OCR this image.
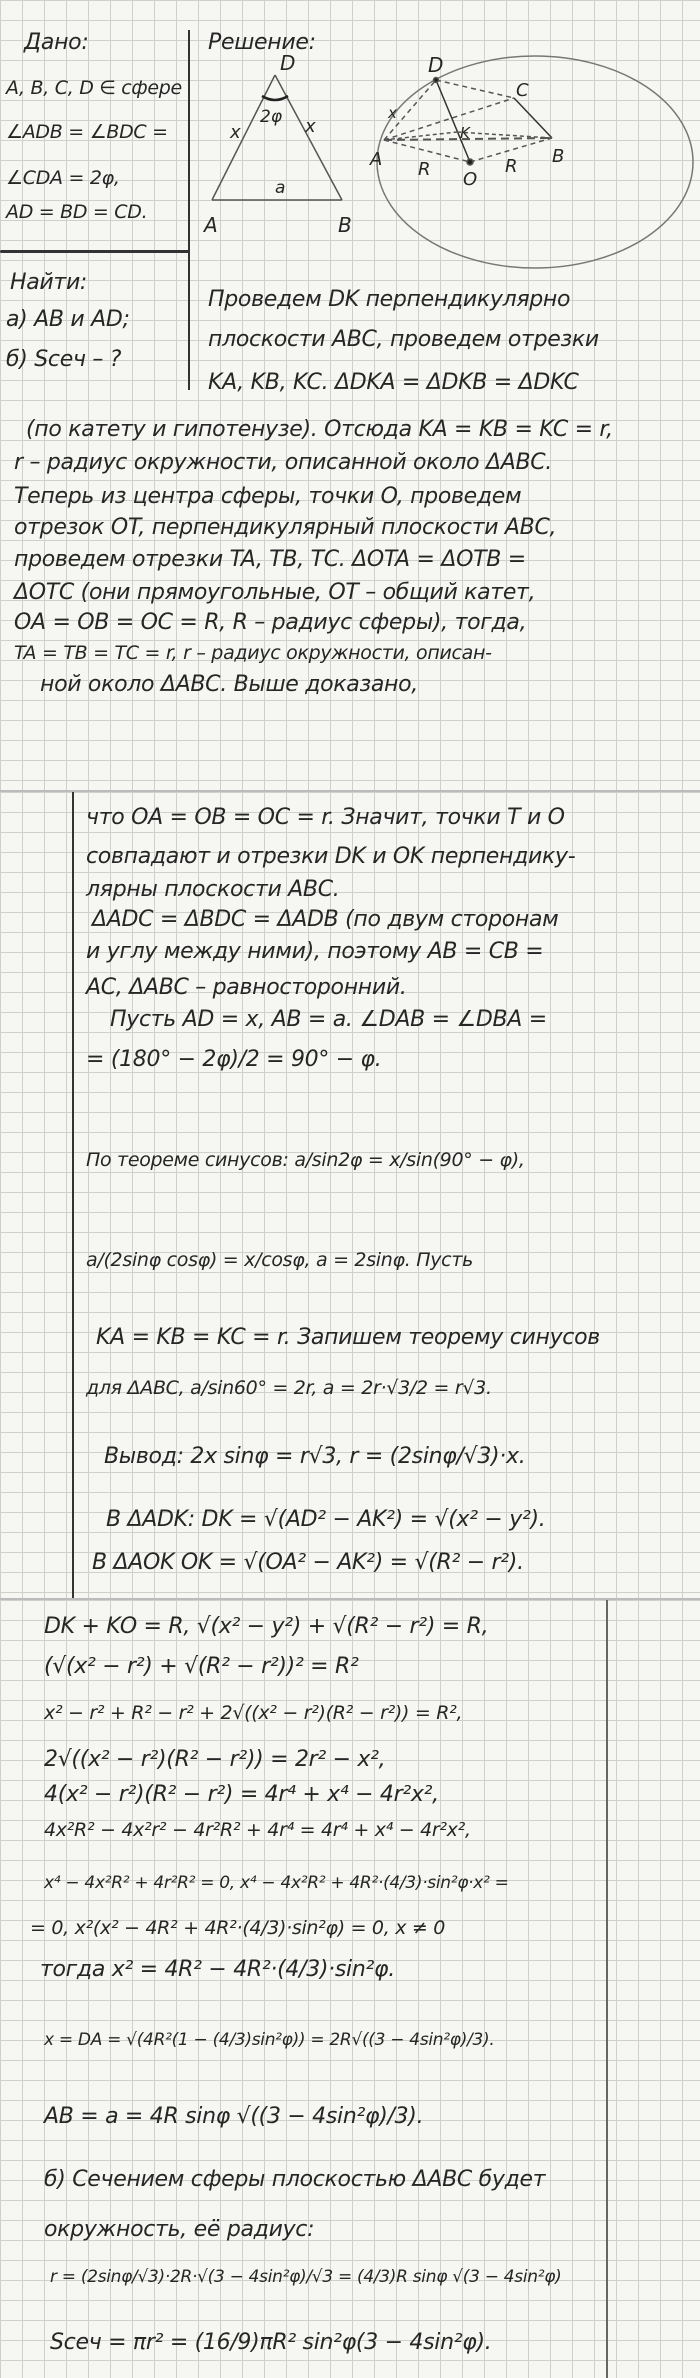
Дано:
A, B, C, D ∈ сфере
∠ADB = ∠BDC =
∠CDA = 2φ,
AD = BD = CD.
Найти:
а) AB и AD;
б) Sсеч – ?
Решение:
D
A	B
x	x
2φ
a
D
C
A	B
K
O
R	R
x
Проведем DK перпендикулярно
плоскости ABC, проведем отрезки
KA, KB, KC. ΔDKA = ΔDKB = ΔDKC
(по катету и гипотенузе). Отсюда KA = KB = KC = r,
r – радиус окружности, описанной около ΔABC.
Теперь из центра сферы, точки O, проведем
отрезок OT, перпендикулярный плоскости ABC,
проведем отрезки TA, TB, TC. ΔOTA = ΔOTB =
ΔOTC (они прямоугольные, OT – общий катет,
OA = OB = OC = R, R – радиус сферы), тогда,
TA = TB = TC = r, r – радиус окружности, описан-
ной около ΔABC. Выше доказано,
что OA = OB = OC = r. Значит, точки T и O
совпадают и отрезки DK и OK перпендику-
лярны плоскости ABC.
ΔADC = ΔBDC = ΔADB (по двум сторонам
и углу между ними), поэтому AB = CB =
AC, ΔABC – равносторонний.
Пусть AD = x, AB = a. ∠DAB = ∠DBA =
= (180° − 2φ)/2 = 90° − φ.
По теореме синусов: a/sin2φ = x/sin(90° − φ),
a/(2sinφ cosφ) = x/cosφ, a = 2sinφ. Пусть
KA = KB = KC = r. Запишем теорему синусов
для ΔABC, a/sin60° = 2r, a = 2r·√3/2 = r√3.
Вывод: 2x sinφ = r√3, r = (2sinφ/√3)·x.
В ΔADK: DK = √(AD² − AK²) = √(x² − y²).
В ΔAOK OK = √(OA² − AK²) = √(R² − r²).
DK + KO = R, √(x² − y²) + √(R² − r²) = R,
(√(x² − r²) + √(R² − r²))² = R²
x² − r² + R² − r² + 2√((x² − r²)(R² − r²)) = R²,
2√((x² − r²)(R² − r²)) = 2r² − x²,
4(x² − r²)(R² − r²) = 4r⁴ + x⁴ − 4r²x²,
4x²R² − 4x²r² − 4r²R² + 4r⁴ = 4r⁴ + x⁴ − 4r²x²,
x⁴ − 4x²R² + 4r²R² = 0, x⁴ − 4x²R² + 4R²·(4/3)·sin²φ·x² =
= 0, x²(x² − 4R² + 4R²·(4/3)·sin²φ) = 0, x ≠ 0
тогда x² = 4R² − 4R²·(4/3)·sin²φ.
x = DA = √(4R²(1 − (4/3)sin²φ)) = 2R√((3 − 4sin²φ)/3).
AB = a = 4R sinφ √((3 − 4sin²φ)/3).
б) Сечением сферы плоскостью ΔABC будет
окружность, её радиус:
r = (2sinφ/√3)·2R·√(3 − 4sin²φ)/√3 = (4/3)R sinφ √(3 − 4sin²φ)
Sсеч = πr² = (16/9)πR² sin²φ(3 − 4sin²φ).
